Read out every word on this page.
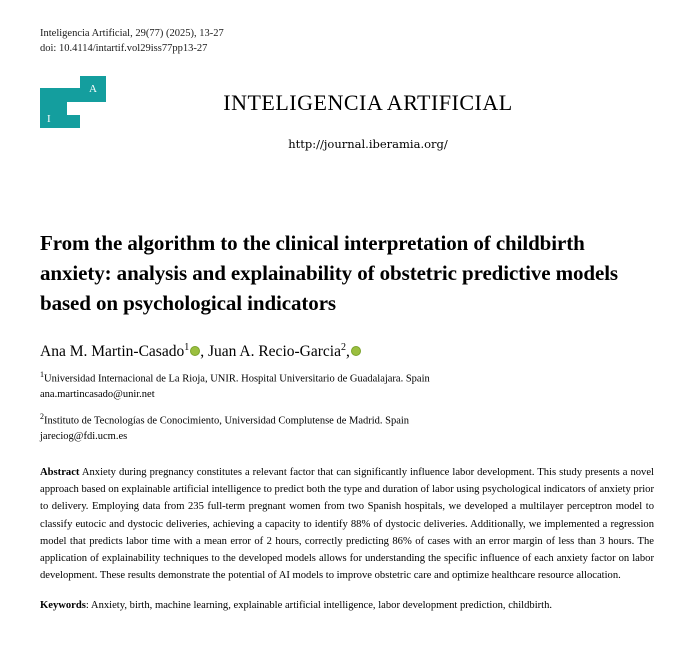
Inteligencia Artificial, 29(77) (2025), 13-27
doi: 10.4114/intartif.vol29iss77pp13-27
A
I
INTELIGENCIA ARTIFICIAL
http://journal.iberamia.org/
From the algorithm to the clinical interpretation of childbirth anxiety: analysis and explainability of obstetric predictive models based on psychological indicators
Ana M. Martin-Casado$^1$ , Juan A. Recio-Garcia$^2$,
$^1$Universidad Internacional de La Rioja, UNIR. Hospital Universitario de Guadalajara. Spain
ana.martincasado@unir.net
$^2$Instituto de Tecnologías de Conocimiento, Universidad Complutense de Madrid. Spain
jareciog@fdi.ucm.es
Abstract Anxiety during pregnancy constitutes a relevant factor that can significantly influence labor development. This study presents a novel approach based on explainable artificial intelligence to predict both the type and duration of labor using psychological indicators of anxiety prior to delivery. Employing data from 235 full-term pregnant women from two Spanish hospitals, we developed a multilayer perceptron model to classify eutocic and dystocic deliveries, achieving a capacity to identify 88% of dystocic deliveries. Additionally, we implemented a regression model that predicts labor time with a mean error of 2 hours, correctly predicting 86% of cases with an error margin of less than 3 hours. The application of explainability techniques to the developed models allows for understanding the specific influence of each anxiety factor on labor development. These results demonstrate the potential of AI models to improve obstetric care and optimize healthcare resource allocation.
Keywords: Anxiety, birth, machine learning, explainable artificial intelligence, labor development prediction, childbirth.
